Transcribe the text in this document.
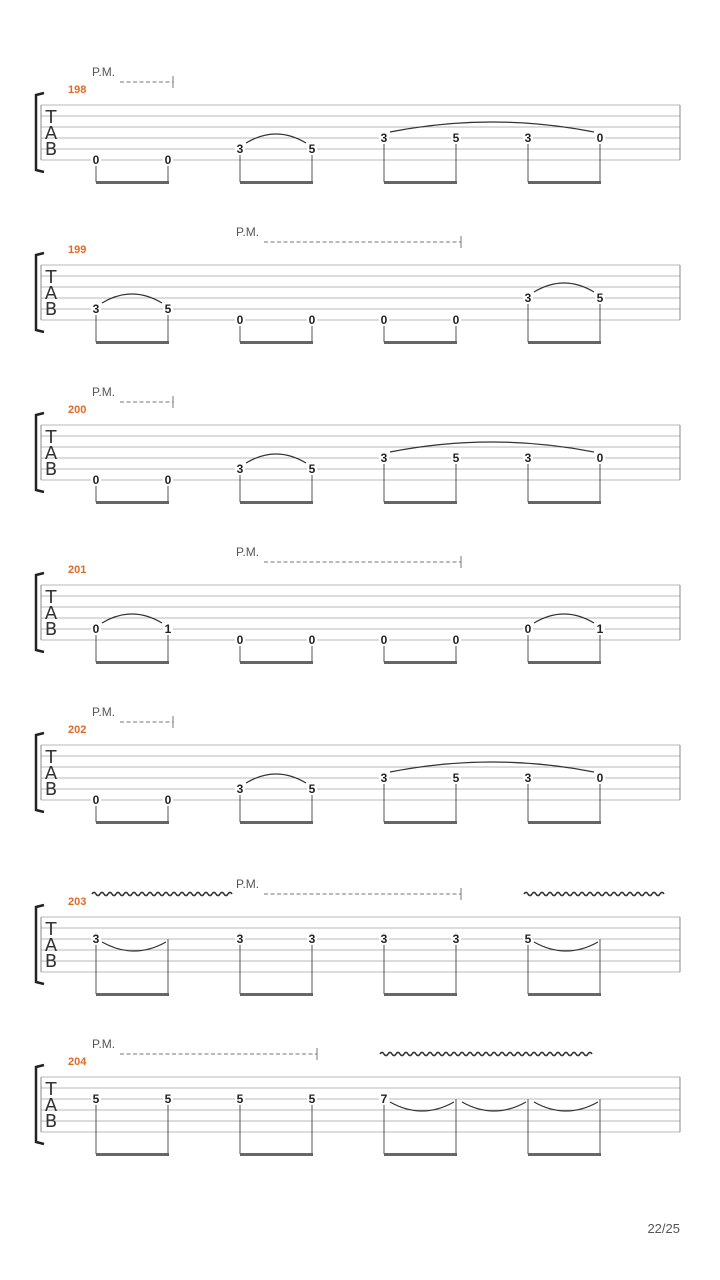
T
A
B
198
P.M.
0	0
3	5
3	5	3	0
T
A
B
199
P.M.
3	5
0	0	0	0
3	5
T
A
B
200
P.M.
0	0
3	5
3	5	3	0
T
A
B
201
P.M.
0	1
0	0	0	0
0	1
T
A
B
202
P.M.
0	0
3	5
3	5	3	0
T
A
B
203
P.M.
3	3	3	3	3	5
T
A
B
204
P.M.
5	5	5	5	7
22/25
